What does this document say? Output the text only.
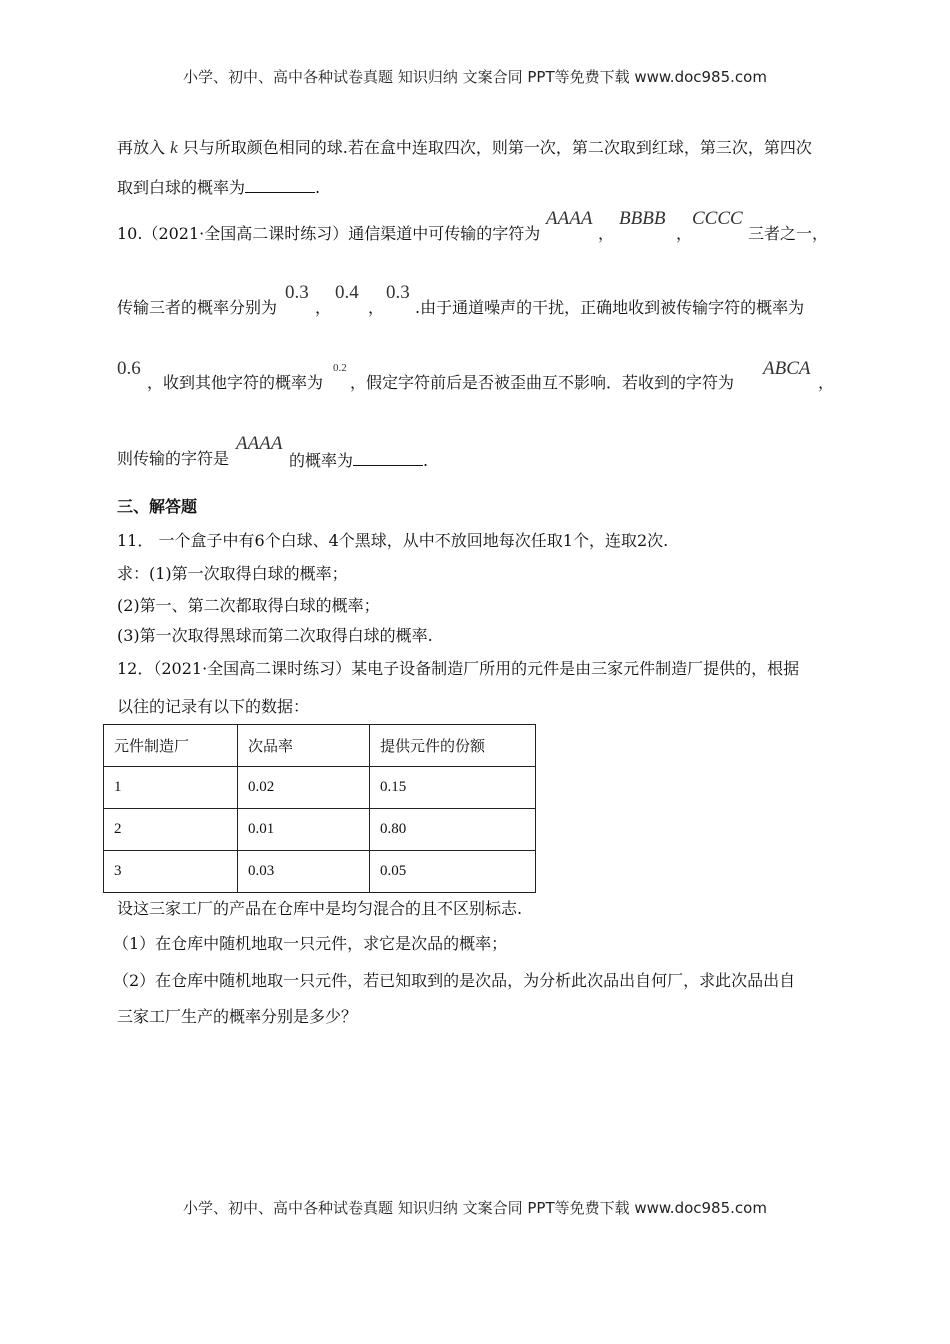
小学、初中、高中各种试卷真题 知识归纳 文案合同 PPT等免费下载 www.doc985.com
再放入 k 只与所取颜色相同的球.若在盒中连取四次，则第一次，第二次取到红球，第三次，第四次
取到白球的概率为	.
10.（2021·全国高二课时练习）通信渠道中可传输的字符为
AAAA
，
BBBB
，
CCCC
三者之一，
传输三者的概率分别为
0.3
，
0.4
，
0.3
.由于通道噪声的干扰，正确地收到被传输字符的概率为
0.6
，收到其他字符的概率为
0.2
，假定字符前后是否被歪曲互不影响．若收到的字符为
ABCA
，
则传输的字符是
AAAA
的概率为	.
三、解答题
11． 一个盒子中有6个白球、4个黑球，从中不放回地每次任取1个，连取2次.
求：(1)第一次取得白球的概率；
(2)第一、第二次都取得白球的概率；
(3)第一次取得黑球而第二次取得白球的概率.
12．（2021·全国高二课时练习）某电子设备制造厂所用的元件是由三家元件制造厂提供的，根据
以往的记录有以下的数据：
元件制造厂	次品率	提供元件的份额
1	0.02	0.15
2	0.01	0.80
3	0.03	0.05
设这三家工厂的产品在仓库中是均匀混合的且不区别标志.
（1）在仓库中随机地取一只元件，求它是次品的概率；
（2）在仓库中随机地取一只元件，若已知取到的是次品，为分析此次品出自何厂，求此次品出自
三家工厂生产的概率分别是多少？
小学、初中、高中各种试卷真题 知识归纳 文案合同 PPT等免费下载 www.doc985.com
